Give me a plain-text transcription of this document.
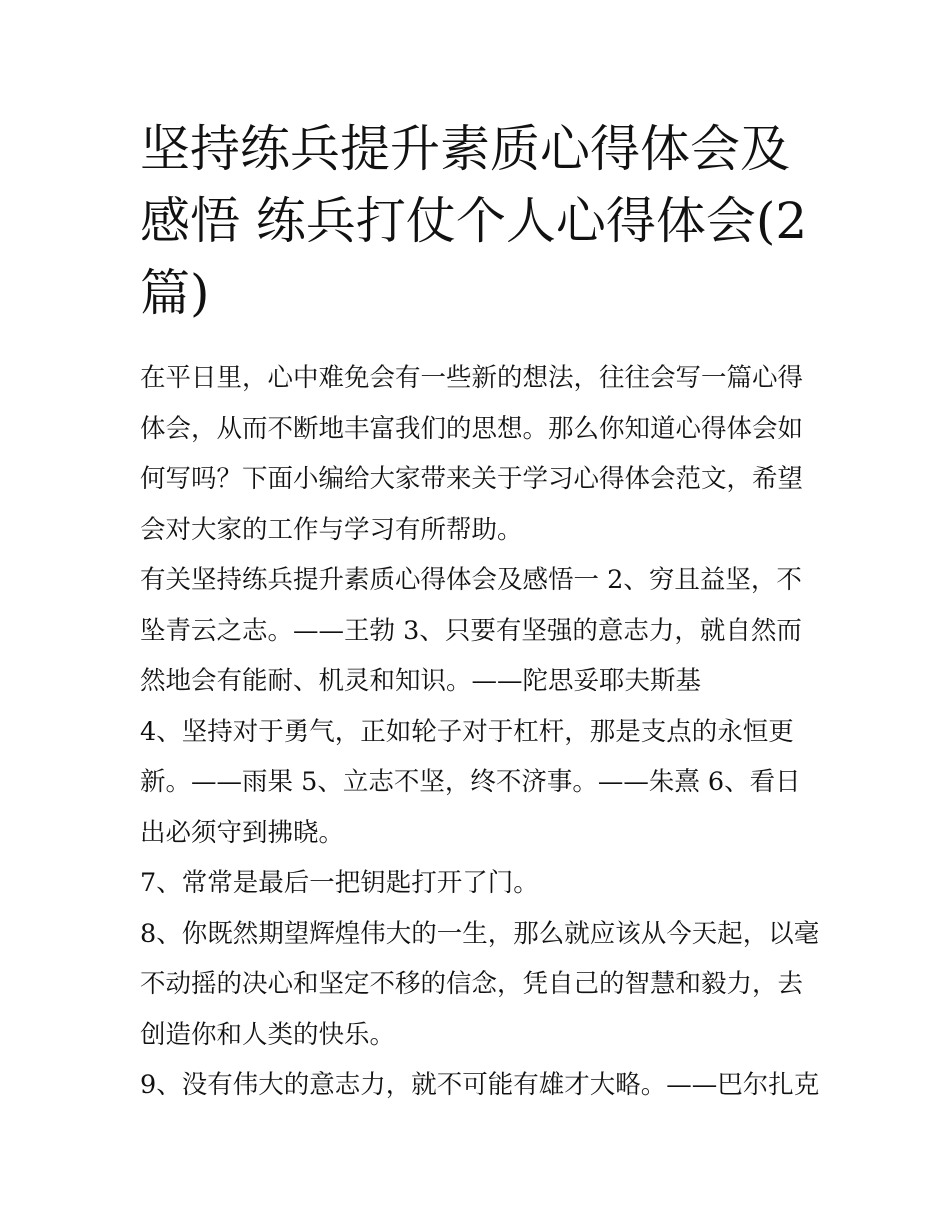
坚持练兵提升素质心得体会及感悟 练兵打仗个人心得体会(2篇)

在平日里，心中难免会有一些新的想法，往往会写一篇心得体会，从而不断地丰富我们的思想。那么你知道心得体会如何写吗？下面小编给大家带来关于学习心得体会范文，希望会对大家的工作与学习有所帮助。

有关坚持练兵提升素质心得体会及感悟一 2、穷且益坚，不坠青云之志。——王勃 3、只要有坚强的意志力，就自然而然地会有能耐、机灵和知识。——陀思妥耶夫斯基

4、坚持对于勇气，正如轮子对于杠杆，那是支点的永恒更新。——雨果 5、立志不坚，终不济事。——朱熹 6、看日出必须守到拂晓。

7、常常是最后一把钥匙打开了门。

8、你既然期望辉煌伟大的一生，那么就应该从今天起，以毫不动摇的决心和坚定不移的信念，凭自己的智慧和毅力，去创造你和人类的快乐。

9、没有伟大的意志力，就不可能有雄才大略。——巴尔扎克
